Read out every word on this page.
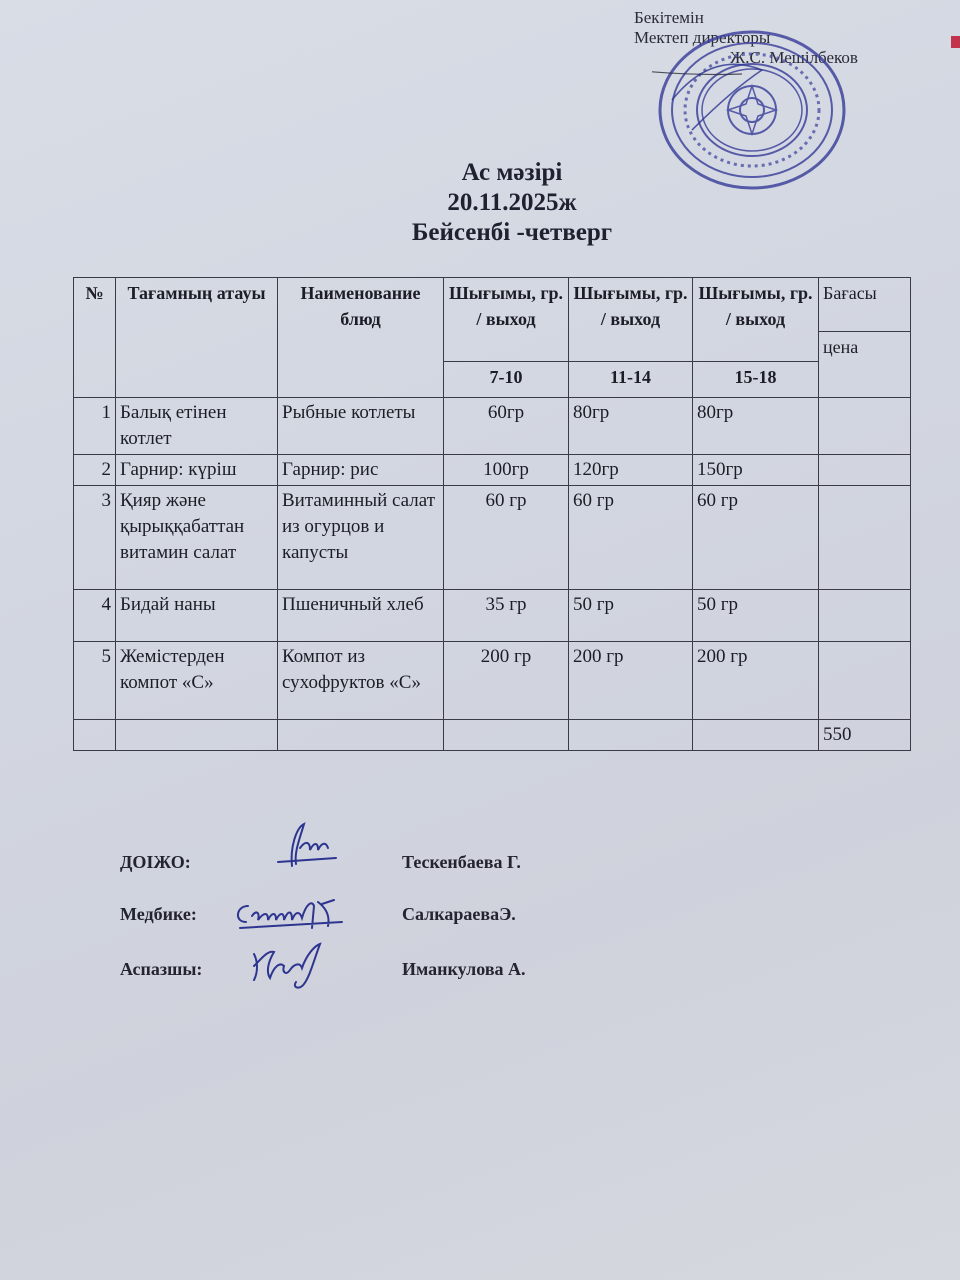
Бекітемін
Мектеп директоры
Ж.С. Мешілбеков
Ас мәзірі
20.11.2025ж
Бейсенбі -четверг
№	Тағамның атауы	Наименование блюд	Шығымы, гр. / выход	Шығымы, гр. / выход	Шығымы, гр. / выход	Бағасы
						цена
			7-10	11-14	15-18	
1	Балық етінен котлет	Рыбные котлеты	60гр	80гр	80гр	
2	Гарнир: күріш	Гарнир: рис	100гр	120гр	150гр	
3	Қияр және қырыққабаттан витамин салат	Витаминный салат из огурцов и капусты	60 гр	60 гр	60 гр	
4	Бидай наны	Пшеничный хлеб	35 гр	50 гр	50 гр	
5	Жемістерден компот «С»	Компот из сухофруктов «С»	200 гр	200 гр	200 гр	
						550
ДОІЖО:	Тескенбаева Г.
Медбике:	СалкараеваЭ.
Аспазшы:	Иманкулова А.
